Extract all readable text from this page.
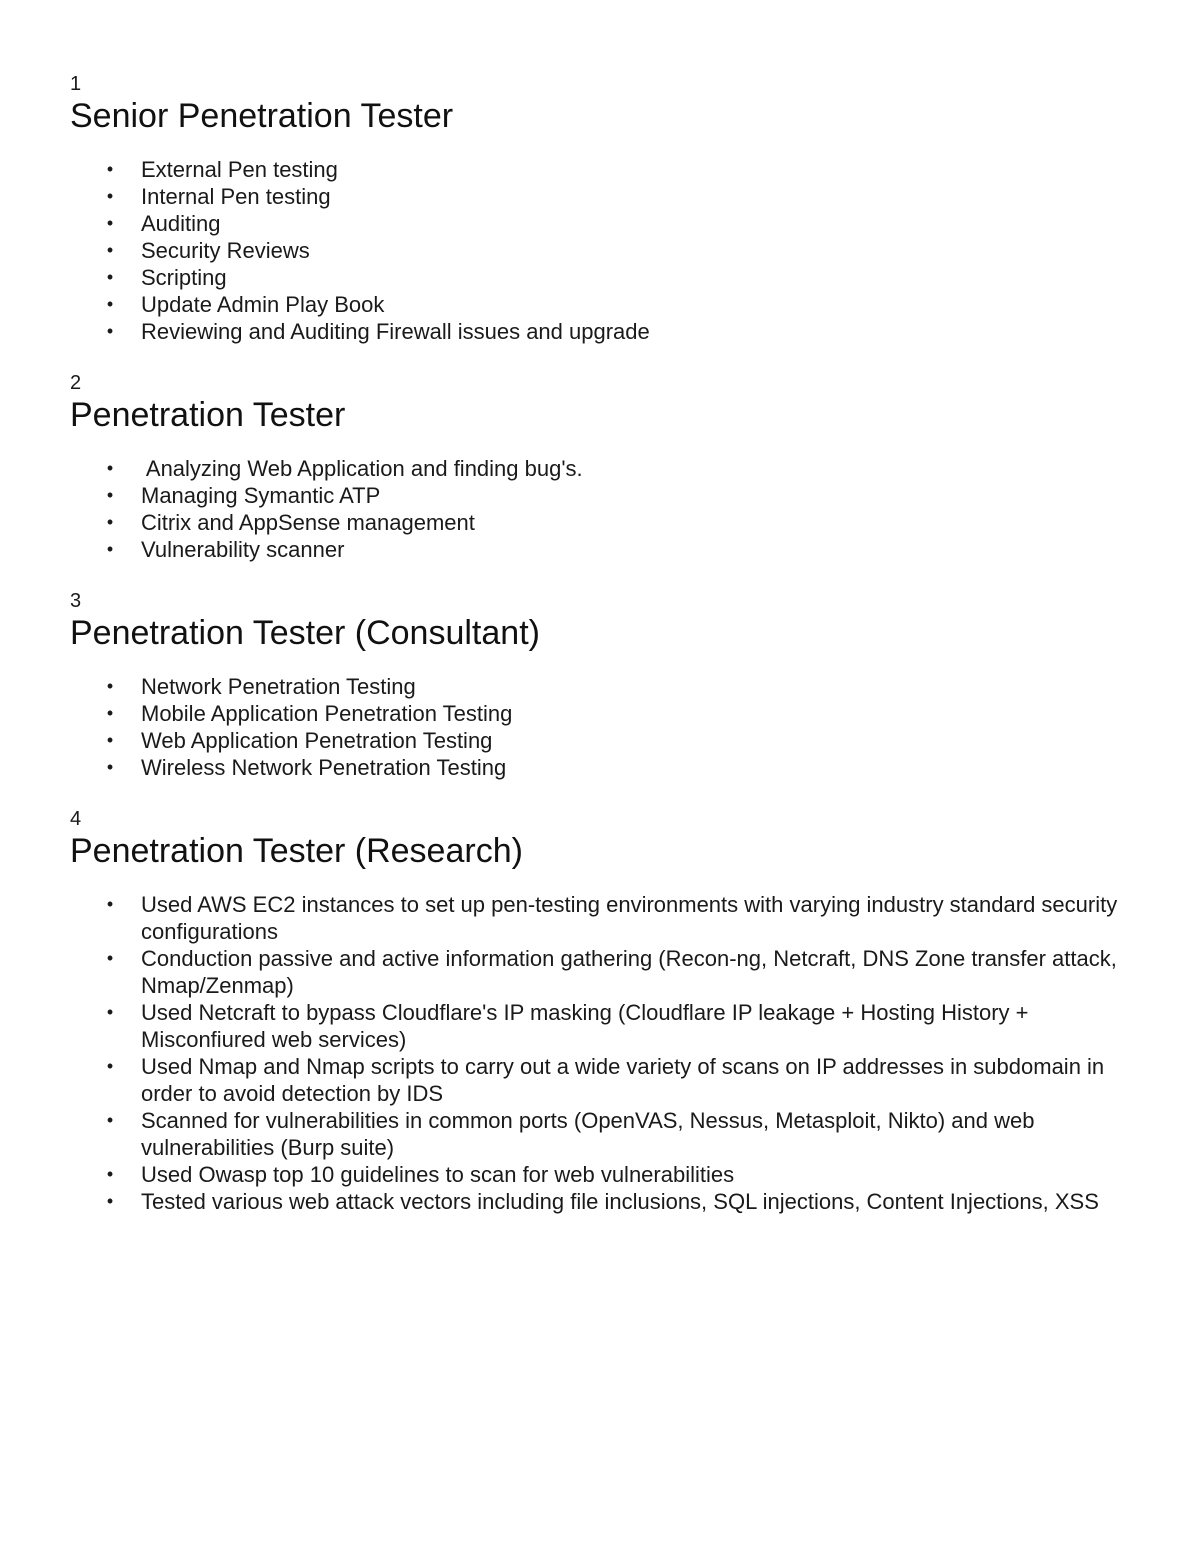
1
Senior Penetration Tester
• External Pen testing
• Internal Pen testing
• Auditing
• Security Reviews
• Scripting
• Update Admin Play Book
• Reviewing and Auditing Firewall issues and upgrade
2
Penetration Tester
• Analyzing Web Application and finding bug's.
• Managing Symantic ATP
• Citrix and AppSense management
• Vulnerability scanner
3
Penetration Tester (Consultant)
• Network Penetration Testing
• Mobile Application Penetration Testing
• Web Application Penetration Testing
• Wireless Network Penetration Testing
4
Penetration Tester (Research)
• Used AWS EC2 instances to set up pen-testing environments with varying industry standard security configurations
• Conduction passive and active information gathering (Recon-ng, Netcraft, DNS Zone transfer attack, Nmap/Zenmap)
• Used Netcraft to bypass Cloudflare's IP masking (Cloudflare IP leakage + Hosting History + Misconfiured web services)
• Used Nmap and Nmap scripts to carry out a wide variety of scans on IP addresses in subdomain in order to avoid detection by IDS
• Scanned for vulnerabilities in common ports (OpenVAS, Nessus, Metasploit, Nikto) and web vulnerabilities (Burp suite)
• Used Owasp top 10 guidelines to scan for web vulnerabilities
• Tested various web attack vectors including file inclusions, SQL injections, Content Injections, XSS
